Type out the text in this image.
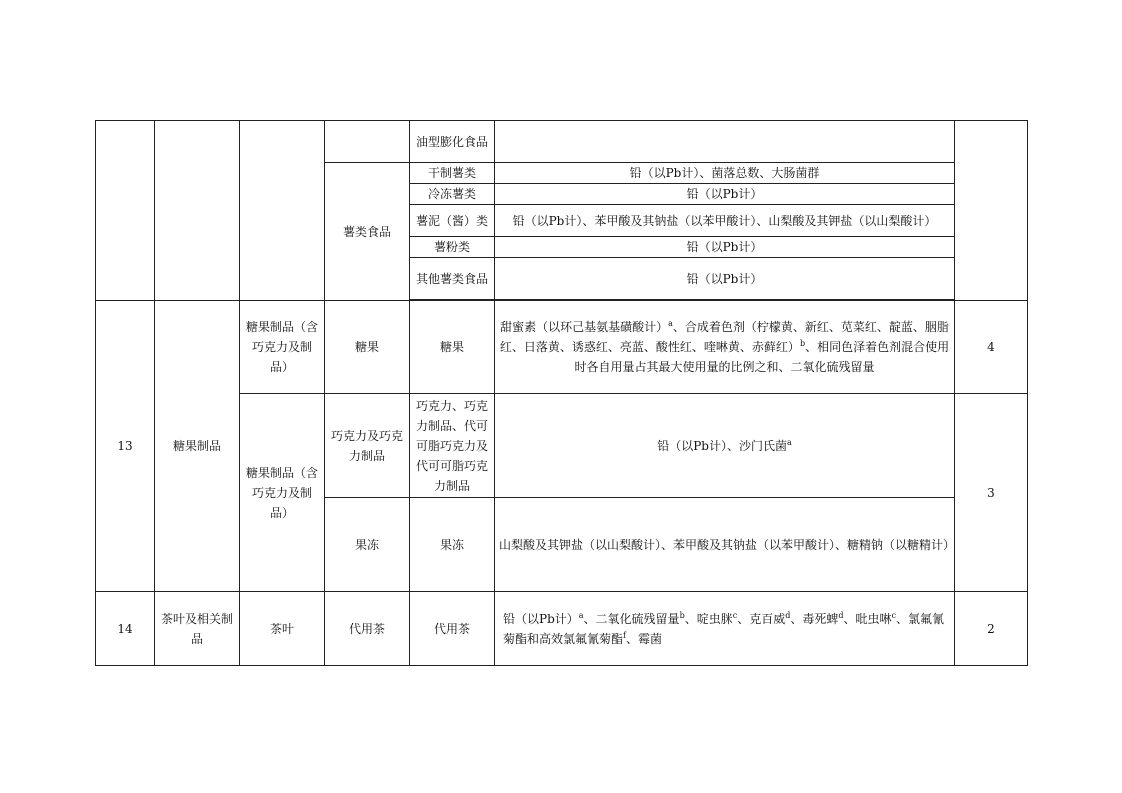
				油型膨化食品			
			薯类食品	干制薯类	铅（以Pb计）、菌落总数、大肠菌群		
				冷冻薯类	铅（以Pb计）		
				薯泥（酱）类	铅（以Pb计）、苯甲酸及其钠盐（以苯甲酸计）、山梨酸及其钾盐（以山梨酸计）		
				薯粉类	铅（以Pb计）		
				其他薯类食品	铅（以Pb计）		

13	糖果制品	糖果制品（含巧克力及制品）	糖果	糖果	甜蜜素（以环己基氨基磺酸计）$^a$、合成着色剂（柠檬黄、新红、苋菜红、靛蓝、胭脂红、日落黄、诱惑红、亮蓝、酸性红、喹啉黄、赤藓红）$^b$、相同色泽着色剂混合使用时各自用量占其最大使用量的比例之和、二氧化硫残留量	4	
		糖果制品（含巧克力及制品）	巧克力及巧克力制品	巧克力、巧克力制品、代可可脂巧克力及代可可脂巧克力制品	铅（以Pb计）、沙门氏菌$^a$	3	
			果冻	果冻	山梨酸及其钾盐（以山梨酸计）、苯甲酸及其钠盐（以苯甲酸计）、糖精钠（以糖精计）		
14	茶叶及相关制品	茶叶	代用茶	代用茶	铅（以Pb计）$^a$、二氧化硫残留量$^b$、啶虫脒$^c$、克百威$^d$、毒死蜱$^d$、吡虫啉$^c$、氯氟氰菊酯和高效氯氟氰菊酯$^f$、霉菌	2	
